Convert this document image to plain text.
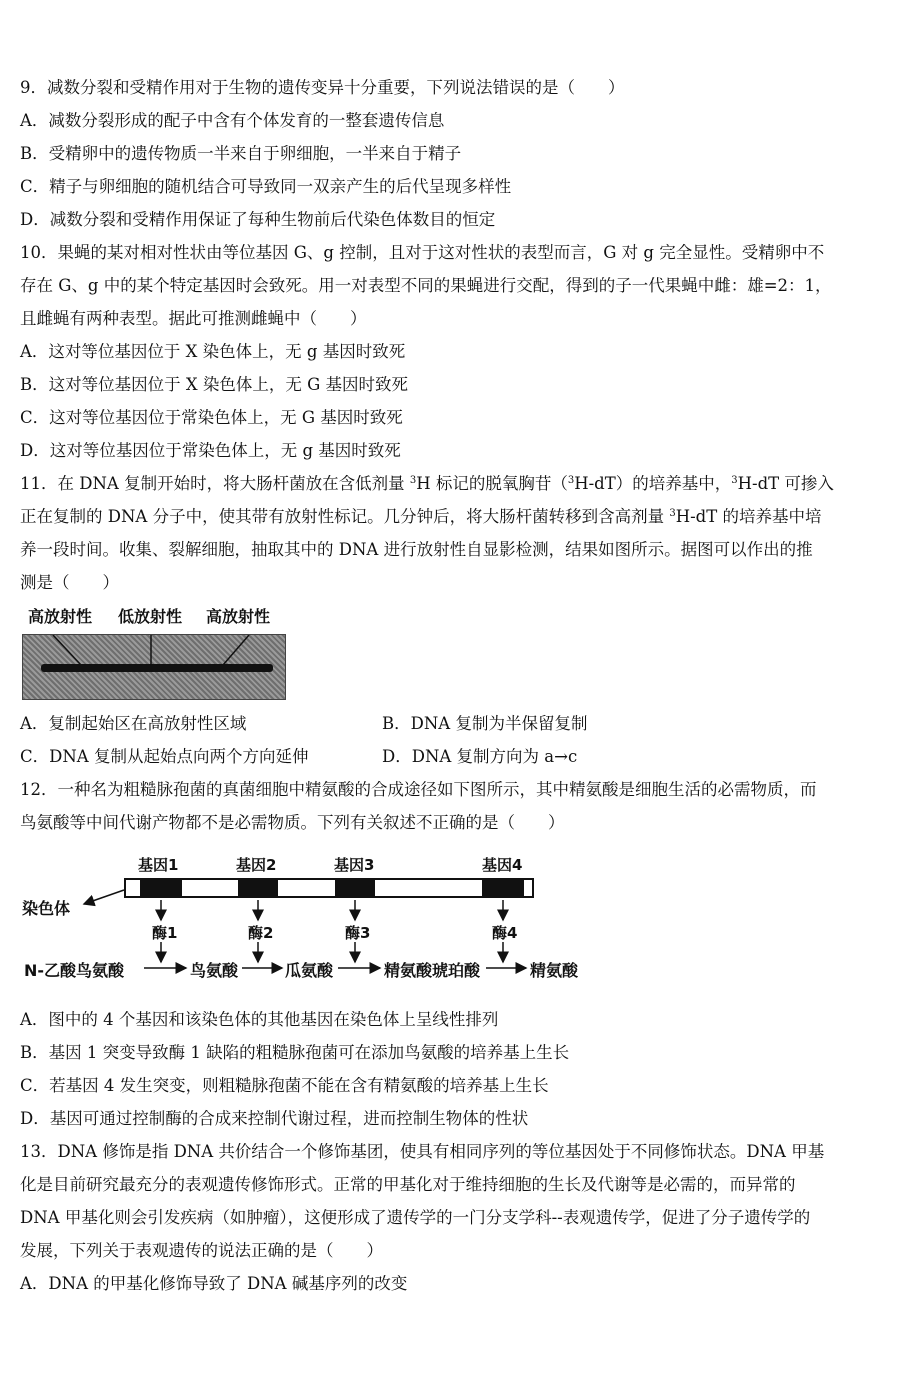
9．减数分裂和受精作用对于生物的遗传变异十分重要，下列说法错误的是（　　）
A．减数分裂形成的配子中含有个体发育的一整套遗传信息
B．受精卵中的遗传物质一半来自于卵细胞，一半来自于精子
C．精子与卵细胞的随机结合可导致同一双亲产生的后代呈现多样性
D．减数分裂和受精作用保证了每种生物前后代染色体数目的恒定
10．果蝇的某对相对性状由等位基因 G、g 控制，且对于这对性状的表型而言，G 对 g 完全显性。受精卵中不
存在 G、g 中的某个特定基因时会致死。用一对表型不同的果蝇进行交配，得到的子一代果蝇中雌：雄=2：1，
且雌蝇有两种表型。据此可推测雌蝇中（　　）
A．这对等位基因位于 X 染色体上，无 g 基因时致死
B．这对等位基因位于 X 染色体上，无 G 基因时致死
C．这对等位基因位于常染色体上，无 G 基因时致死
D．这对等位基因位于常染色体上，无 g 基因时致死
11．在 DNA 复制开始时，将大肠杆菌放在含低剂量 $^3$H 标记的脱氧胸苷（$^3$H-dT）的培养基中，$^3$H-dT 可掺入
正在复制的 DNA 分子中，使其带有放射性标记。几分钟后，将大肠杆菌转移到含高剂量 $^3$H-dT 的培养基中培
养一段时间。收集、裂解细胞，抽取其中的 DNA 进行放射性自显影检测，结果如图所示。据图可以作出的推
测是（　　）
高放射性 低放射性 高放射性
A．复制起始区在高放射性区域	B．DNA 复制为半保留复制
C．DNA 复制从起始点向两个方向延伸	D．DNA 复制方向为 a→c
12．一种名为粗糙脉孢菌的真菌细胞中精氨酸的合成途径如下图所示，其中精氨酸是细胞生活的必需物质，而
鸟氨酸等中间代谢产物都不是必需物质。下列有关叙述不正确的是（　　）
基因1	基因2	基因3	基因4
酶1	酶2	酶3	酶4
染色体
N-乙酸鸟氨酸	鸟氨酸	瓜氨酸	精氨酸琥珀酸	精氨酸
A．图中的 4 个基因和该染色体的其他基因在染色体上呈线性排列
B．基因 1 突变导致酶 1 缺陷的粗糙脉孢菌可在添加鸟氨酸的培养基上生长
C．若基因 4 发生突变，则粗糙脉孢菌不能在含有精氨酸的培养基上生长
D．基因可通过控制酶的合成来控制代谢过程，进而控制生物体的性状
13．DNA 修饰是指 DNA 共价结合一个修饰基团，使具有相同序列的等位基因处于不同修饰状态。DNA 甲基
化是目前研究最充分的表观遗传修饰形式。正常的甲基化对于维持细胞的生长及代谢等是必需的，而异常的
DNA 甲基化则会引发疾病（如肿瘤），这便形成了遗传学的一门分支学科--表观遗传学，促进了分子遗传学的
发展，下列关于表观遗传的说法正确的是（　　）
A．DNA 的甲基化修饰导致了 DNA 碱基序列的改变
